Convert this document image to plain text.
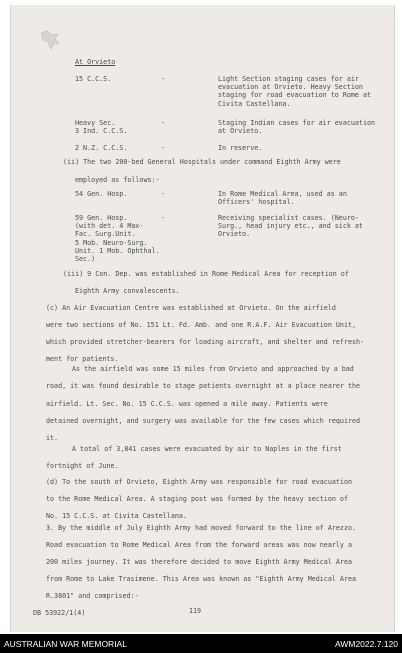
At Orvieto
15 C.C.S.	-	Light Section staging cases for air
evacuation at Orvieto. Heavy Section
staging for road evacuation to Rome at
Civita Castellana.
Heavy Sec.
3 Ind. C.C.S.
-	Staging Indian cases for air evacuation
at Orvieto.
2 N.Z. C.C.S.	-	In reserve.
(ii) The two 200-bed General Hospitals under command Eighth Army were
employed as follows:-
54 Gen. Hosp.	-	In Rome Medical Area, used as an
Officers' hospital.
59 Gen. Hosp.
(with det. 4 Max-
Fac. Surg.Unit.
5 Mob. Neuro-Surg.
Unit. 1 Mob. Ophthal.
Sec.)
-	Receiving specialist cases. (Neuro-
Surg., head injury etc., and sick at
Orvieto.
(iii) 9 Con. Dep. was established in Rome Medical Area for reception of
Eighth Army convalescents.
(c) An Air Evacuation Centre was established at Orvieto. On the airfield
were two sections of No. 151 Lt. Fd. Amb. and one R.A.F. Air Evacuation Unit,
which provided stretcher-bearers for loading aircraft, and shelter and refresh-
ment for patients.
As the airfield was some 15 miles from Orvieto and approached by a bad
road, it was found desirable to stage patients overnight at a place nearer the
airfield. Lt. Sec. No. 15 C.C.S. was opened a mile away. Patients were
detained overnight, and surgery was available for the few cases which required
it.
A total of 3,841 cases were evacuated by air to Naples in the first
fortnight of June.
(d) To the south of Orvieto, Eighth Army was responsible for road evacuation
to the Rome Medical Area. A staging post was formed by the heavy section of
No. 15 C.C.S. at Civita Castellana.
3. By the middle of July Eighth Army had moved forward to the line of Arezzo.
Road evacuation to Rome Medical Area from the forward areas was now nearly a
200 miles journey. It was therefore decided to move Eighth Army Medical Area
from Rome to Lake Trasimene. This Area was known as "Eighth Army Medical Area
R.3801" and comprised:-
DB 53922/1(4)	119
AUSTRALIAN WAR MEMORIAL	AWM2022.7.120
